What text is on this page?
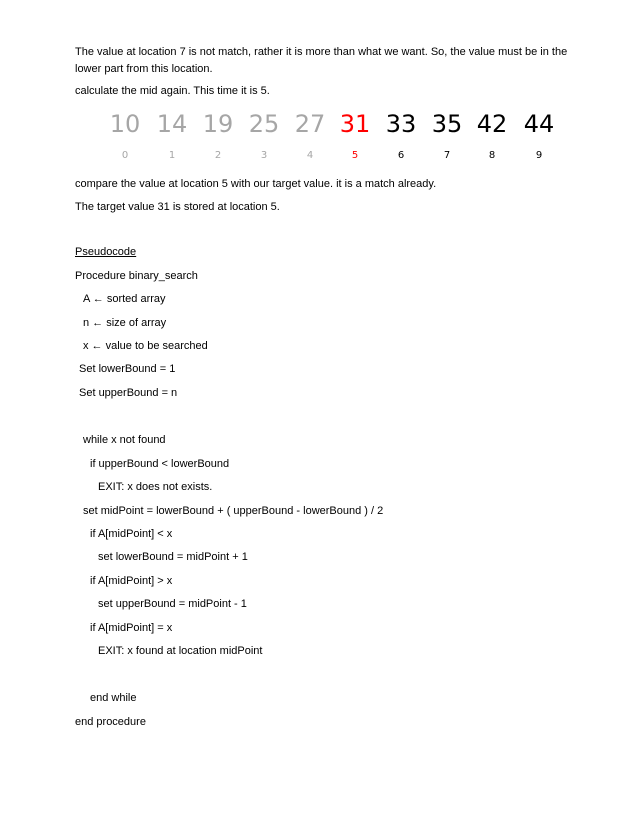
The value at location 7 is not match, rather it is more than what we want. So, the value must be in the lower part from this location.
calculate the mid again. This time it is 5.
10
0
14
1
19
2
25
3
27
4
31
5
33
6
35
7
42
8
44
9
compare the value at location 5 with our target value. it is a match already.
The target value 31 is stored at location 5.
Pseudocode
Procedure binary_search
A ← sorted array
n ← size of array
x ← value to be searched
Set lowerBound = 1
Set upperBound = n
while x not found
if upperBound < lowerBound
EXIT: x does not exists.
set midPoint = lowerBound + ( upperBound - lowerBound ) / 2
if A[midPoint] < x
set lowerBound = midPoint + 1
if A[midPoint] > x
set upperBound = midPoint - 1
if A[midPoint] = x
EXIT: x found at location midPoint
end while
end procedure
